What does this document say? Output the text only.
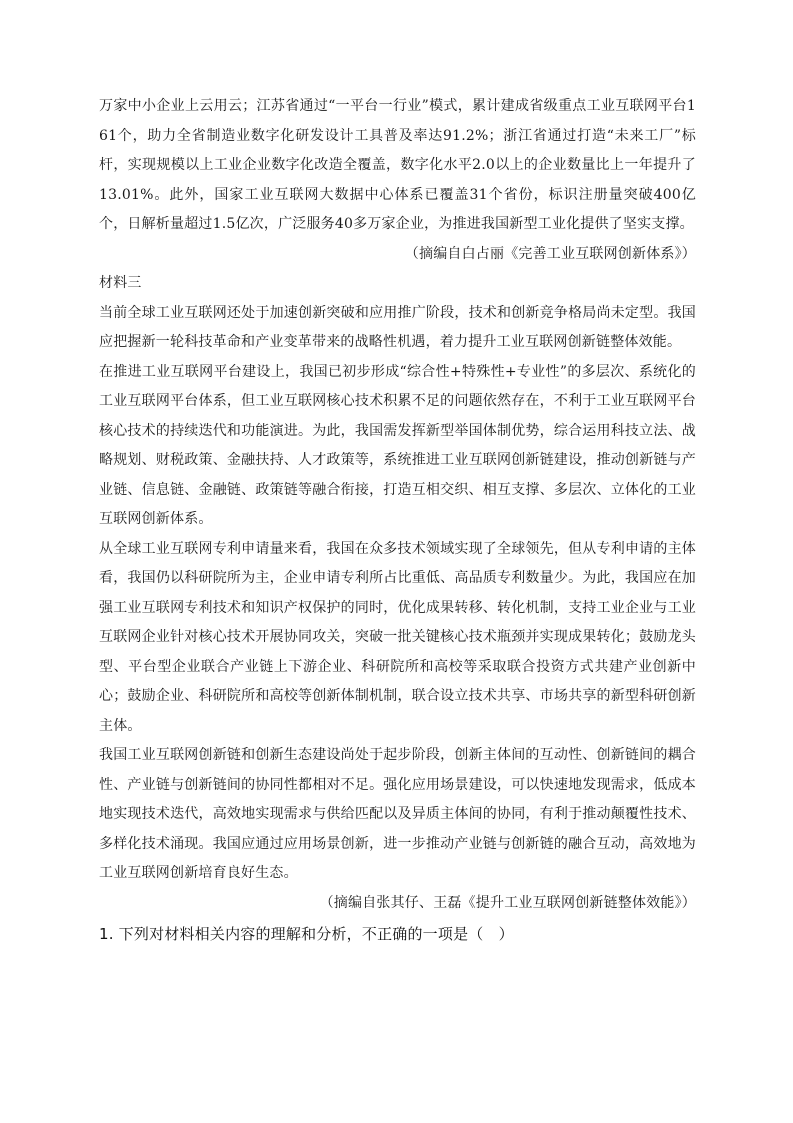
万家中小企业上云用云；江苏省通过“一平台一行业”模式，累计建成省级重点工业互联网平台161个，助力全省制造业数字化研发设计工具普及率达91.2%；浙江省通过打造“未来工厂”标杆，实现规模以上工业企业数字化改造全覆盖，数字化水平2.0以上的企业数量比上一年提升了13.01%。此外，国家工业互联网大数据中心体系已覆盖31个省份，标识注册量突破400亿个，日解析量超过1.5亿次，广泛服务40多万家企业，为推进我国新型工业化提供了坚实支撑。

（摘编自白占丽《完善工业互联网创新体系》）

材料三

当前全球工业互联网还处于加速创新突破和应用推广阶段，技术和创新竞争格局尚未定型。我国应把握新一轮科技革命和产业变革带来的战略性机遇，着力提升工业互联网创新链整体效能。

在推进工业互联网平台建设上，我国已初步形成“综合性+特殊性+专业性”的多层次、系统化的工业互联网平台体系，但工业互联网核心技术积累不足的问题依然存在，不利于工业互联网平台核心技术的持续迭代和功能演进。为此，我国需发挥新型举国体制优势，综合运用科技立法、战略规划、财税政策、金融扶持、人才政策等，系统推进工业互联网创新链建设，推动创新链与产业链、信息链、金融链、政策链等融合衔接，打造互相交织、相互支撑、多层次、立体化的工业互联网创新体系。

从全球工业互联网专利申请量来看，我国在众多技术领域实现了全球领先，但从专利申请的主体看，我国仍以科研院所为主，企业申请专利所占比重低、高品质专利数量少。为此，我国应在加强工业互联网专利技术和知识产权保护的同时，优化成果转移、转化机制，支持工业企业与工业互联网企业针对核心技术开展协同攻关，突破一批关键核心技术瓶颈并实现成果转化；鼓励龙头型、平台型企业联合产业链上下游企业、科研院所和高校等采取联合投资方式共建产业创新中心；鼓励企业、科研院所和高校等创新体制机制，联合设立技术共享、市场共享的新型科研创新主体。

我国工业互联网创新链和创新生态建设尚处于起步阶段，创新主体间的互动性、创新链间的耦合性、产业链与创新链间的协同性都相对不足。强化应用场景建设，可以快速地发现需求，低成本地实现技术迭代，高效地实现需求与供给匹配以及异质主体间的协同，有利于推动颠覆性技术、多样化技术涌现。我国应通过应用场景创新，进一步推动产业链与创新链的融合互动，高效地为工业互联网创新培育良好生态。

（摘编自张其仔、王磊《提升工业互联网创新链整体效能》）

1. 下列对材料相关内容的理解和分析，不正确的一项是（　）
